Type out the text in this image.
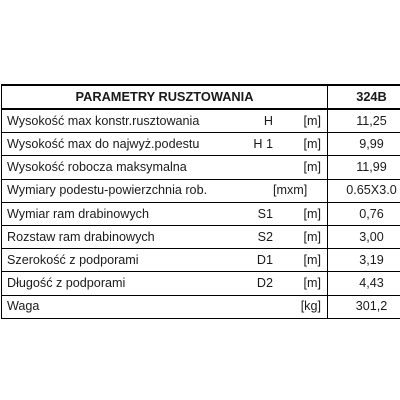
PARAMETRY RUSZTOWANIA	324B

Wysokość max konstr.rusztowania H [m]	11,25

Wysokość max do najwyż.podestu H 1 [m]	9,99

Wysokość robocza maksymalna [m]	11,99

Wymiary podestu-powierzchnia rob. [mxm]	0.65X3.0

Wymiar ram drabinowych S1 [m]	0,76

Rozstaw ram drabinowych S2 [m]	3,00

Szerokość z podporami D1 [m]	3,19

Długość z podporami D2 [m]	4,43

Waga [kg]	301,2
